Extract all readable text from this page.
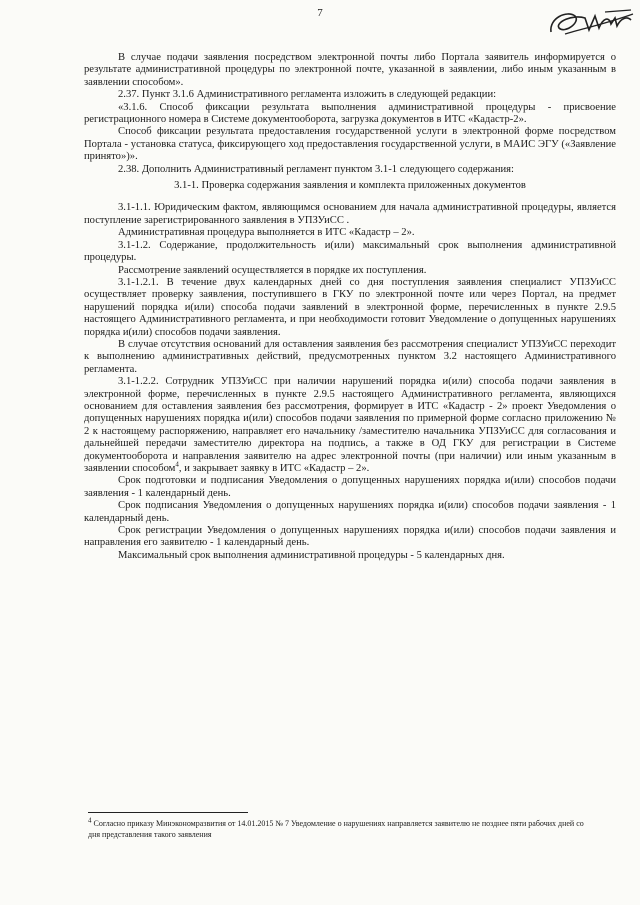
7

В случае подачи заявления посредством электронной почты либо Портала заявитель информируется о результате административной процедуры по электронной почте, указанной в заявлении, либо иным указанным в заявлении способом».

2.37. Пункт 3.1.6 Административного регламента изложить в следующей редакции:

«3.1.6. Способ фиксации результата выполнения административной процедуры - присвоение регистрационного номера в Системе документооборота, загрузка документов в ИТС «Кадастр-2».

Способ фиксации результата предоставления государственной услуги в электронной форме посредством Портала - установка статуса, фиксирующего ход предоставления государственной услуги, в МАИС ЭГУ («Заявление принято»)».

2.38. Дополнить Административный регламент пунктом 3.1-1 следующего содержания:

3.1-1. Проверка содержания заявления и комплекта приложенных документов

3.1-1.1. Юридическим фактом, являющимся основанием для начала административной процедуры, является поступление зарегистрированного заявления в УПЗУиСС .

Административная процедура выполняется в ИТС «Кадастр – 2».

3.1-1.2. Содержание, продолжительность и(или) максимальный срок выполнения административной процедуры.

Рассмотрение заявлений осуществляется в порядке их поступления.

3.1-1.2.1. В течение двух календарных дней со дня поступления заявления специалист УПЗУиСС осуществляет проверку заявления, поступившего в ГКУ по электронной почте или через Портал, на предмет нарушений порядка и(или) способа подачи заявлений в электронной форме, перечисленных в пункте 2.9.5 настоящего Административного регламента, и при необходимости готовит Уведомление о допущенных нарушениях порядка и(или) способов подачи заявления.

В случае отсутствия оснований для оставления заявления без рассмотрения специалист УПЗУиСС переходит к выполнению административных действий, предусмотренных пунктом 3.2 настоящего Административного регламента.

3.1-1.2.2. Сотрудник УПЗУиСС при наличии нарушений порядка и(или) способа подачи заявления в электронной форме, перечисленных в пункте 2.9.5 настоящего Административного регламента, являющихся основанием для оставления заявления без рассмотрения, формирует в ИТС «Кадастр - 2» проект Уведомления о допущенных нарушениях порядка и(или) способов подачи заявления по примерной форме согласно приложению № 2 к настоящему распоряжению, направляет его начальнику /заместителю начальника УПЗУиСС для согласования и дальнейшей передачи заместителю директора на подпись, а также в ОД ГКУ для регистрации в Системе документооборота и направления заявителю на адрес электронной почты (при наличии) или иным указанным в заявлении способом$^4$, и закрывает заявку в ИТС «Кадастр – 2».

Срок подготовки и подписания Уведомления о допущенных нарушениях порядка и(или) способов подачи заявления - 1 календарный день.

Срок подписания Уведомления о допущенных нарушениях порядка и(или) способов подачи заявления - 1 календарный день.

Срок регистрации Уведомления о допущенных нарушениях порядка и(или) способов подачи заявления и направления его заявителю - 1 календарный день.

Максимальный срок выполнения административной процедуры - 5 календарных дня.

$^4$ Согласно приказу Минэкономразвития от 14.01.2015 № 7 Уведомление о нарушениях направляется заявителю не позднее пяти рабочих дней со дня представления такого заявления
